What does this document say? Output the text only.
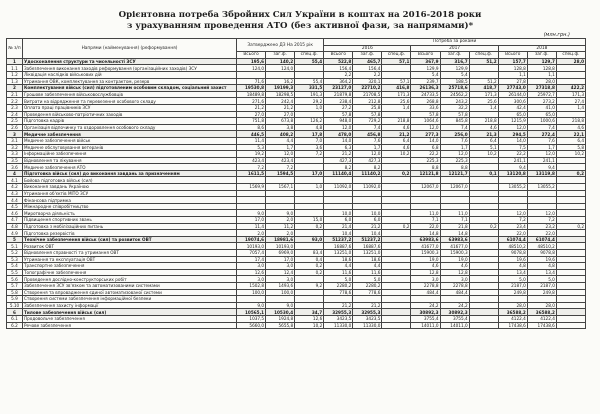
Орієнтовна потреба Збройних Сил України в коштах на 2016-2018 роки
з урахуванням проведення АТО (без активної фази, за напрямами)*
(млн.грн.)
№ з/п	Напрями (найменування) (реформування)	Затверджено ДЗ На 2015 рік			Потреба за роками								
					2016			2017			2018		
		Всього	заг.ф.	спец.ф.	Всього	заг.ф.	спец.ф.	Всього	заг.ф.	спец.ф.	Всього	заг.ф.	спец.ф.
1	Удосконалення структури та чисельності ЗСУ	195,6	140,2	55,4	522,8	465,7	57,1	367,9	316,7	51,2	157,7	129,7	28,0
1.1	Забезпечення виконання заходів реформування (організаційних заходів) ЗСУ	124,0	124,0		156,4	156,4		129,9	129,9		128,8	128,8	
1.2	Ліквідація наслідків військових дій				2,2	2,2		5,4	5,4		1,1	1,1	
1.3	Утримання ОВК, комплектування за контрактом, резерв	71,6	16,2	55,4	364,2	320,1	57,1	239,7	188,5	51,2	27,8	28,0	
2	Комплектування військ (сил) підготовленим особовим складом, соціальний захист	19530,8	19199,3	331,5	23127,0	22710,2	416,8	26136,3	25718,6	418,7	27743,0	27318,8	422,2
2.1	Грошове забезпечення військовослужбовців	18489,8	18298,5	191,3	21879,8	21708,5	171,3	24733,5	24562,2	171,3	26144,0	25972,7	171,3
2.2	Витрати на відрядження та перевезення особового складу	271,6	242,4	29,2	238,4	212,8	25,6	268,8	243,2	25,6	300,6	273,2	27,4
2.3	Оплата праці працівників ЗСУ	21,2	21,2	1,0	27,2	25,8	1,4	33,6	32,2	1,4	42,4	41,0	1,4
2.4	Проведення військово-патріотичних заходів	27,0	27,0		57,8	57,8		57,8	57,8		65,0	65,0	
2.5	Підготовка кадрів	751,8	673,8	126,2	948,0	729,2	218,8	1064,6	845,8	218,8	1215,9	1000,6	218,8
2.6	Організація відпочинку та оздоровлення особового складу	8,6	3,8	4,8	12,0	7,4	4,6	12,0	7,4	4,6	12,0	7,4	4,6
3	Медичне забезпечення	446,5	408,2	17,8	478,0	456,8	21,2	277,3	256,0	21,3	294,5	272,4	22,1
3.1	Медичне забезпечення військ	11,4	4,4	7,0	14,0	7,6	6,4	14,0	7,6	6,4	14,0	7,6	6,4
3.2	Медичне обслуговування ветеранів	5,3	1,7	3,6	6,3	1,7	4,6	6,8	1,7	5,1	7,5	1,7	5,8
3.3	Інформаційне забезпечення	19,2	12,0	7,2	21,2	12,0	10,2	22,2	12,0	10,2	22,2	12,0	10,2
3.5	Відновлення та лікування	423,4	423,4		427,3	427,3		225,3	225,3		241,1	241,1	
3.6	Медичне забезпечення АТО	7,2	7,2		8,2	8,2		8,8	8,8		9,4	9,4	
4	Підготовка військ (сил) до виконання завдань за призначенням	1611,5	1594,5	17,0	11140,4	11140,2	0,2	12121,8	12121,7	0,1	13120,8	13119,8	0,2
4.1	Бойова підготовка військ (сил)												
4.2	Виконання завдань Україною	1569,9	1567,1	1,0	11092,0	11092,0		12067,0	12067,0		13055,2	13055,2	
4.3	Утримання об'єктів МІТО ЗСУ												
4.4	Фінансова підтримка												
4.5	Міжнародне співробітництво												
4.6	Миротворча діяльність	9,0	9,0		10,0	10,0		11,0	11,0		12,0	12,0	
4.7	Підвищення спортивних звань	17,0	2,0	15,0	6,0	6,0		7,1	7,1		7,2	7,2	
4.8	Підготовка з мобілізаційних питань	11,4	11,2	0,2	21,4	21,2	0,2	22,0	21,8	0,2	23,4	23,2	0,2
4.9	Підготовка резервістів	2,0	2,0		10,4	10,4		14,8	14,8		22,0	22,0	
5	Технічне забезпечення військ (сил) та розвиток ОВТ	19074,6	18981,6	93,0	51237,2	51237,2		63983,6	63983,6		61074,4	61074,4	
5.1	Розвиток ОВТ	10193,0	10193,0		16887,6	16887,6		41677,0	41677,0		48510,2	48510,2	
5.2	Відновлення справності та утримання ОВТ	7057,4	6969,0	83,4	13251,0	13251,0		15900,3	15900,3		9078,8	9078,8	
5.3	Утримання та експлуатація ОВТ	17,4	17,0	0,4	18,6	18,6		19,0	19,0		19,6	19,6	
5.4	Транспортне забезпечення	3,0	3,0	0,2	4,4	4,4		4,6	4,6		4,8	4,8	
5.5	Топографічне забезпечення	12,6	12,4	0,2	11,6	11,6		12,8	12,8		13,4	13,4	
5.6	Проведення дослідно-конструкторських робіт	3,0	3,0		5,0	5,0		3,0	3,0		5,0	5,0	
5.7	Забезпечення ЗСУ зв'язком та автоматизованими системами	1502,8	1493,6	9,2	2280,2	2280,2		2278,8	2278,8		2187,0	2187,0	
5.8	Створення та впровадження єдиної автоматизованої системи	100,0	100,0		778,6	778,6		484,4	484,4		249,8	249,8	
5.9	Створення системи забезпечення інформаційної безпеки												
5.10	Забезпечення захисту інформації	9,0	9,0		21,2	21,2		24,2	24,2		28,0	28,0	
6	Тилове забезпечення військ (сил)	10565,1	10530,4	34,7	32955,3	32955,3		30892,3	30892,3		36588,2	36588,2	
6.1	Продовольче забезпечення	1037,5	1924,8	12,6	3423,5	3423,5		3755,4	3755,4		4122,4	4122,4	
6.2	Речове забезпечення	5660,0	5655,8	10,2	11330,0	11330,0		14011,0	14011,0		17438,6	17438,6	
